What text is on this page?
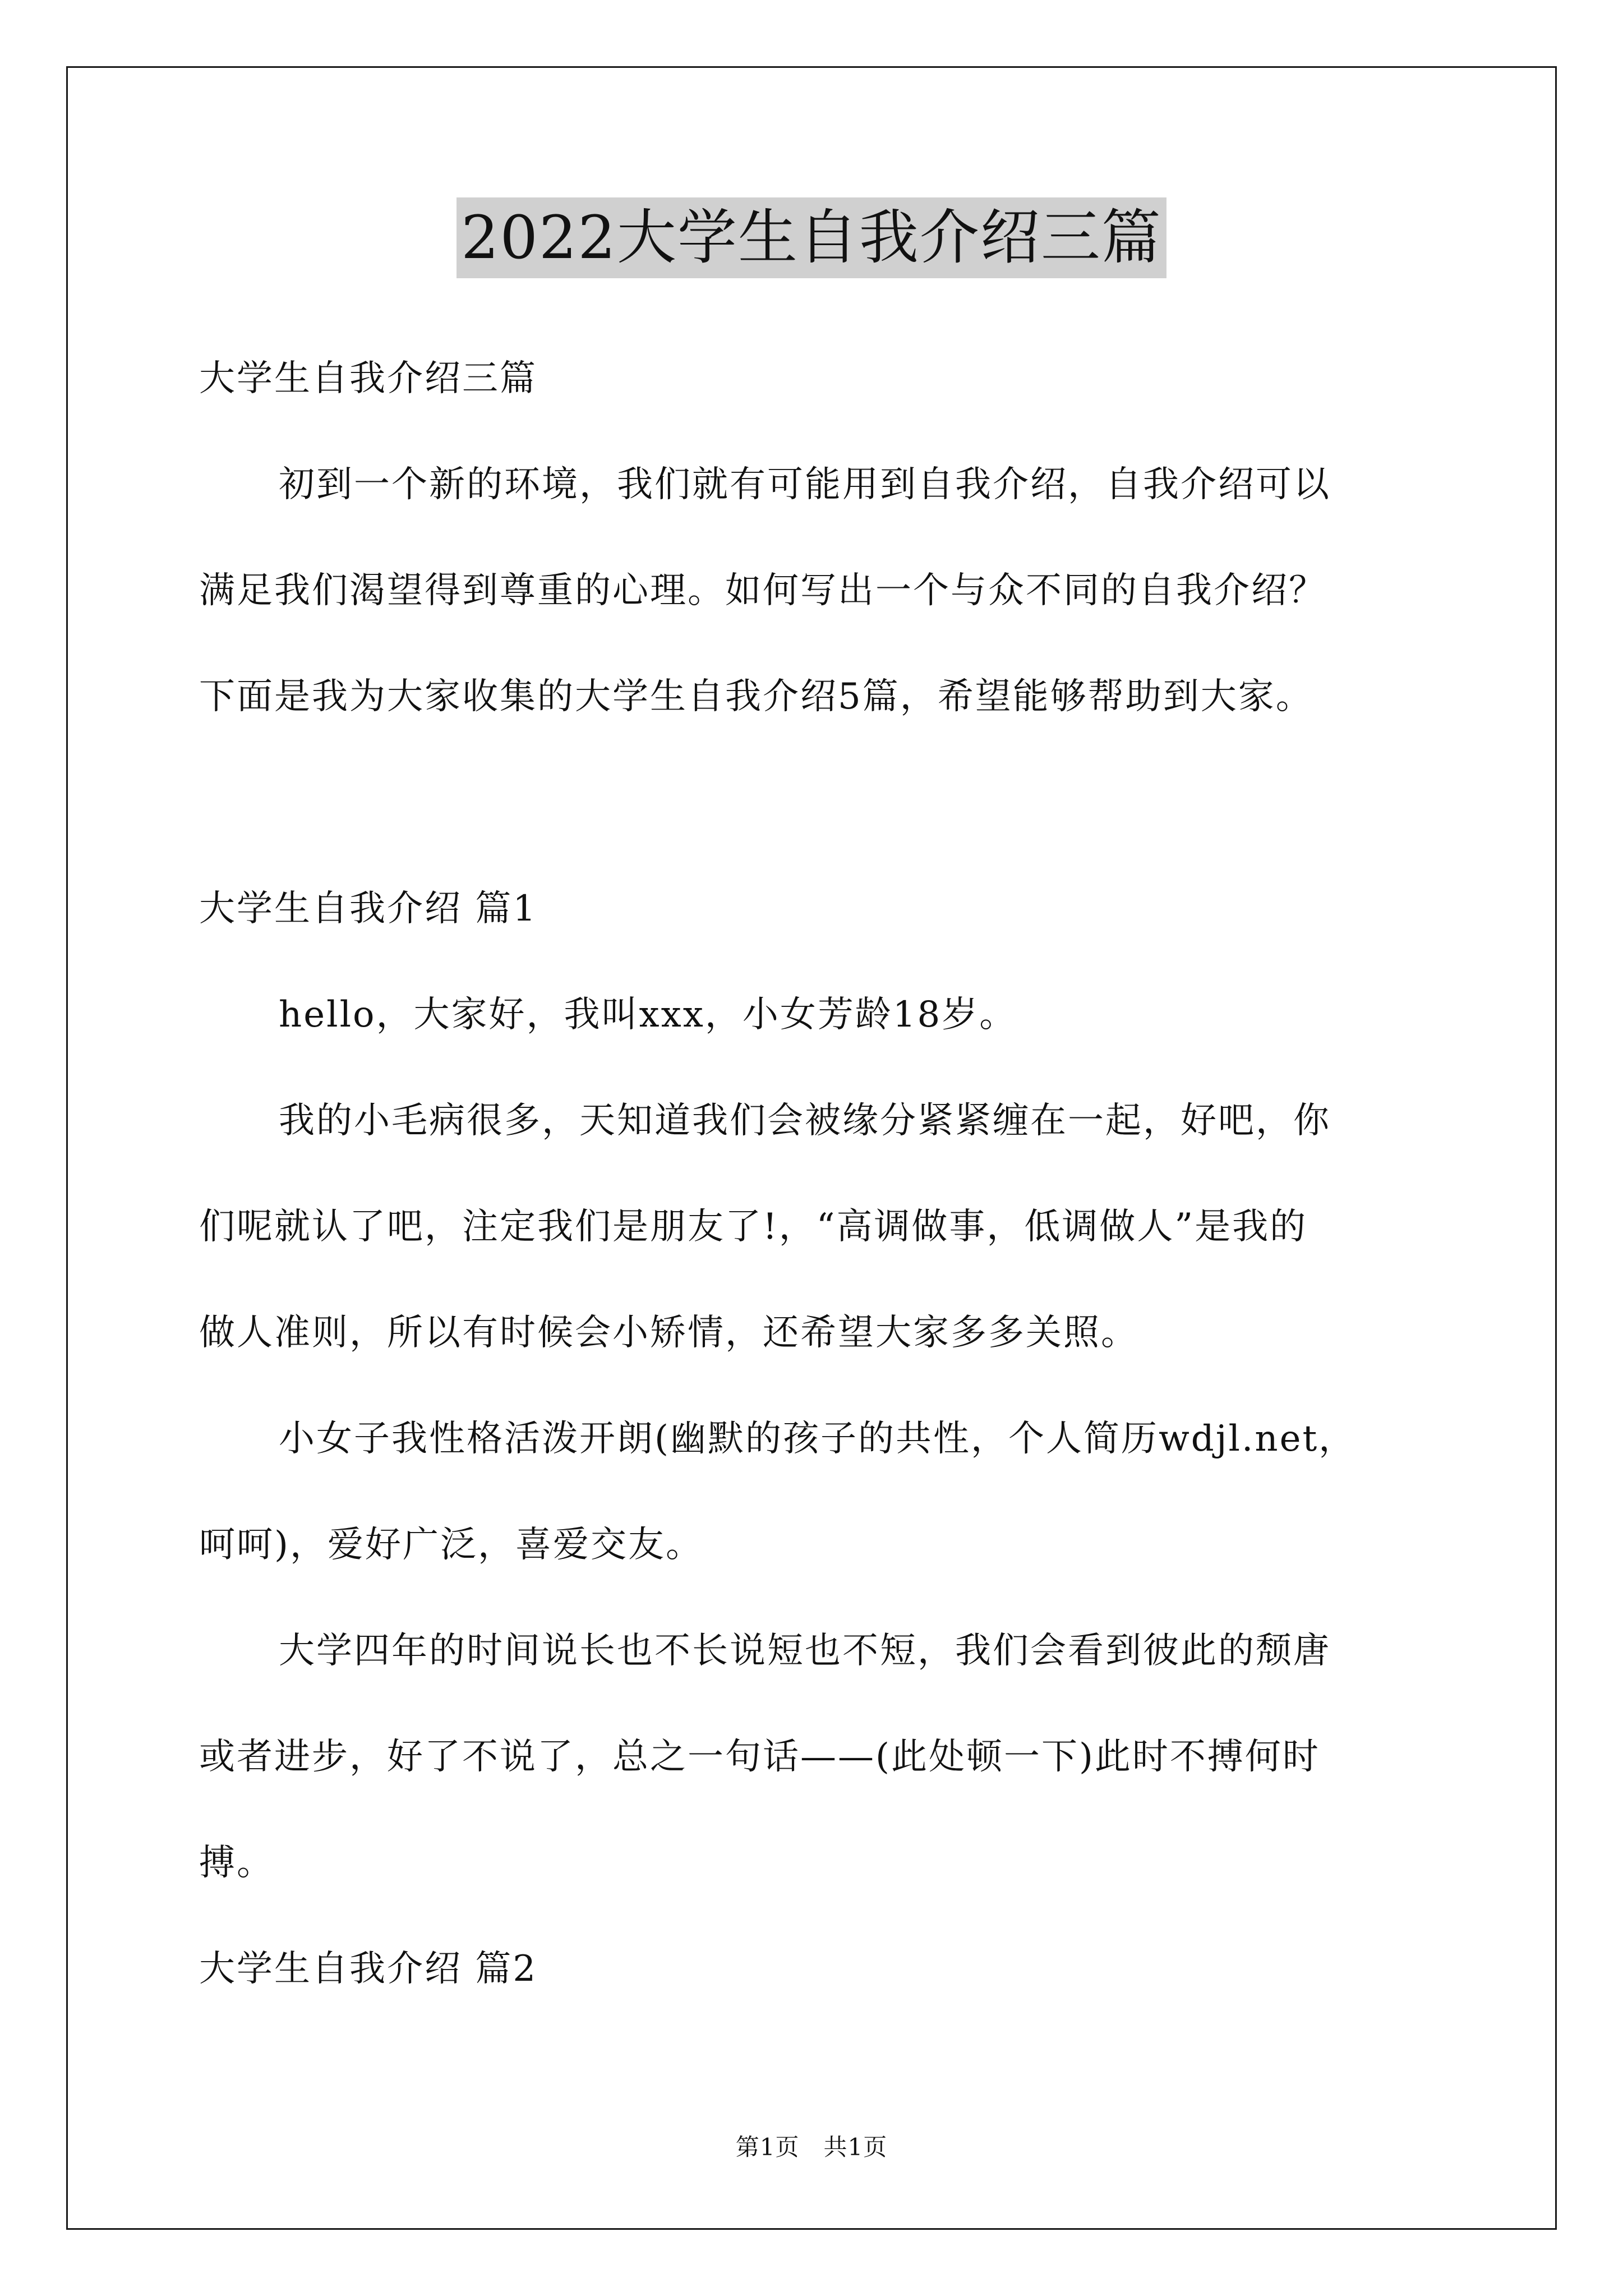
2022大学生自我介绍三篇
大学生自我介绍三篇
初到一个新的环境，我们就有可能用到自我介绍，自我介绍可以
满足我们渴望得到尊重的心理。如何写出一个与众不同的自我介绍？
下面是我为大家收集的大学生自我介绍5篇，希望能够帮助到大家。
大学生自我介绍 篇1
hello，大家好，我叫xxx，小女芳龄18岁。
我的小毛病很多，天知道我们会被缘分紧紧缠在一起，好吧，你
们呢就认了吧，注定我们是朋友了!，“高调做事，低调做人”是我的
做人准则，所以有时候会小矫情，还希望大家多多关照。
小女子我性格活泼开朗(幽默的孩子的共性，个人简历wdjl.net，
呵呵)，爱好广泛，喜爱交友。
大学四年的时间说长也不长说短也不短，我们会看到彼此的颓唐
或者进步，好了不说了，总之一句话——(此处顿一下)此时不搏何时
搏。
大学生自我介绍 篇2
第1页　共1页
